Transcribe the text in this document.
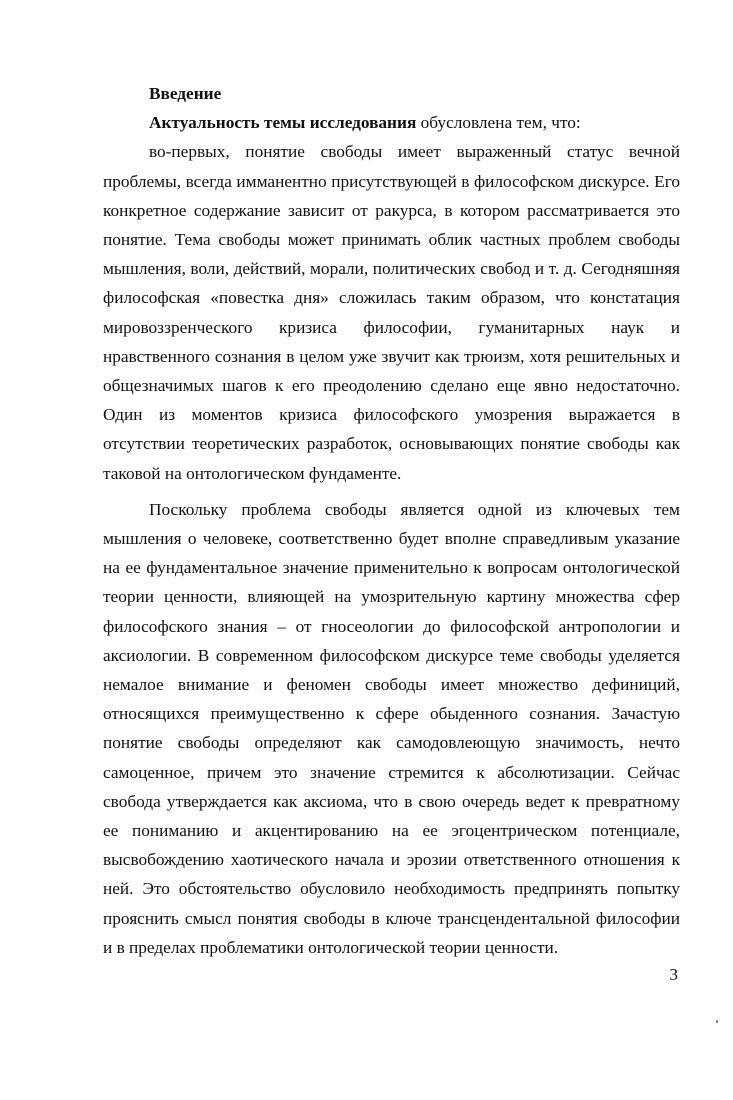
Введение

Актуальность темы исследования обусловлена тем, что:

во-первых, понятие свободы имеет выраженный статус вечной проблемы, всегда имманентно присутствующей в философском дискурсе. Его конкретное содержание зависит от ракурса, в котором рассматривается это понятие. Тема свободы может принимать облик частных проблем свободы мышления, воли, действий, морали, политических свобод и т. д. Сегодняшняя философская «повестка дня» сложилась таким образом, что констатация мировоззренческого кризиса философии, гуманитарных наук и нравственного сознания в целом уже звучит как трюизм, хотя решительных и общезначимых шагов к его преодолению сделано еще явно недостаточно. Один из моментов кризиса философского умозрения выражается в отсутствии теоретических разработок, основывающих понятие свободы как таковой на онтологическом фундаменте.

Поскольку проблема свободы является одной из ключевых тем мышления о человеке, соответственно будет вполне справедливым указание на ее фундаментальное значение применительно к вопросам онтологической теории ценности, влияющей на умозрительную картину множества сфер философского знания – от гносеологии до философской антропологии и аксиологии. В современном философском дискурсе теме свободы уделяется немалое внимание и феномен свободы имеет множество дефиниций, относящихся преимущественно к сфере обыденного сознания. Зачастую понятие свободы определяют как самодовлеющую значимость, нечто самоценное, причем это значение стремится к абсолютизации. Сейчас свобода утверждается как аксиома, что в свою очередь ведет к превратному ее пониманию и акцентированию на ее эгоцентрическом потенциале, высвобождению хаотического начала и эрозии ответственного отношения к ней. Это обстоятельство обусловило необходимость предпринять попытку прояснить смысл понятия свободы в ключе трансцендентальной философии и в пределах проблематики онтологической теории ценности.

3
